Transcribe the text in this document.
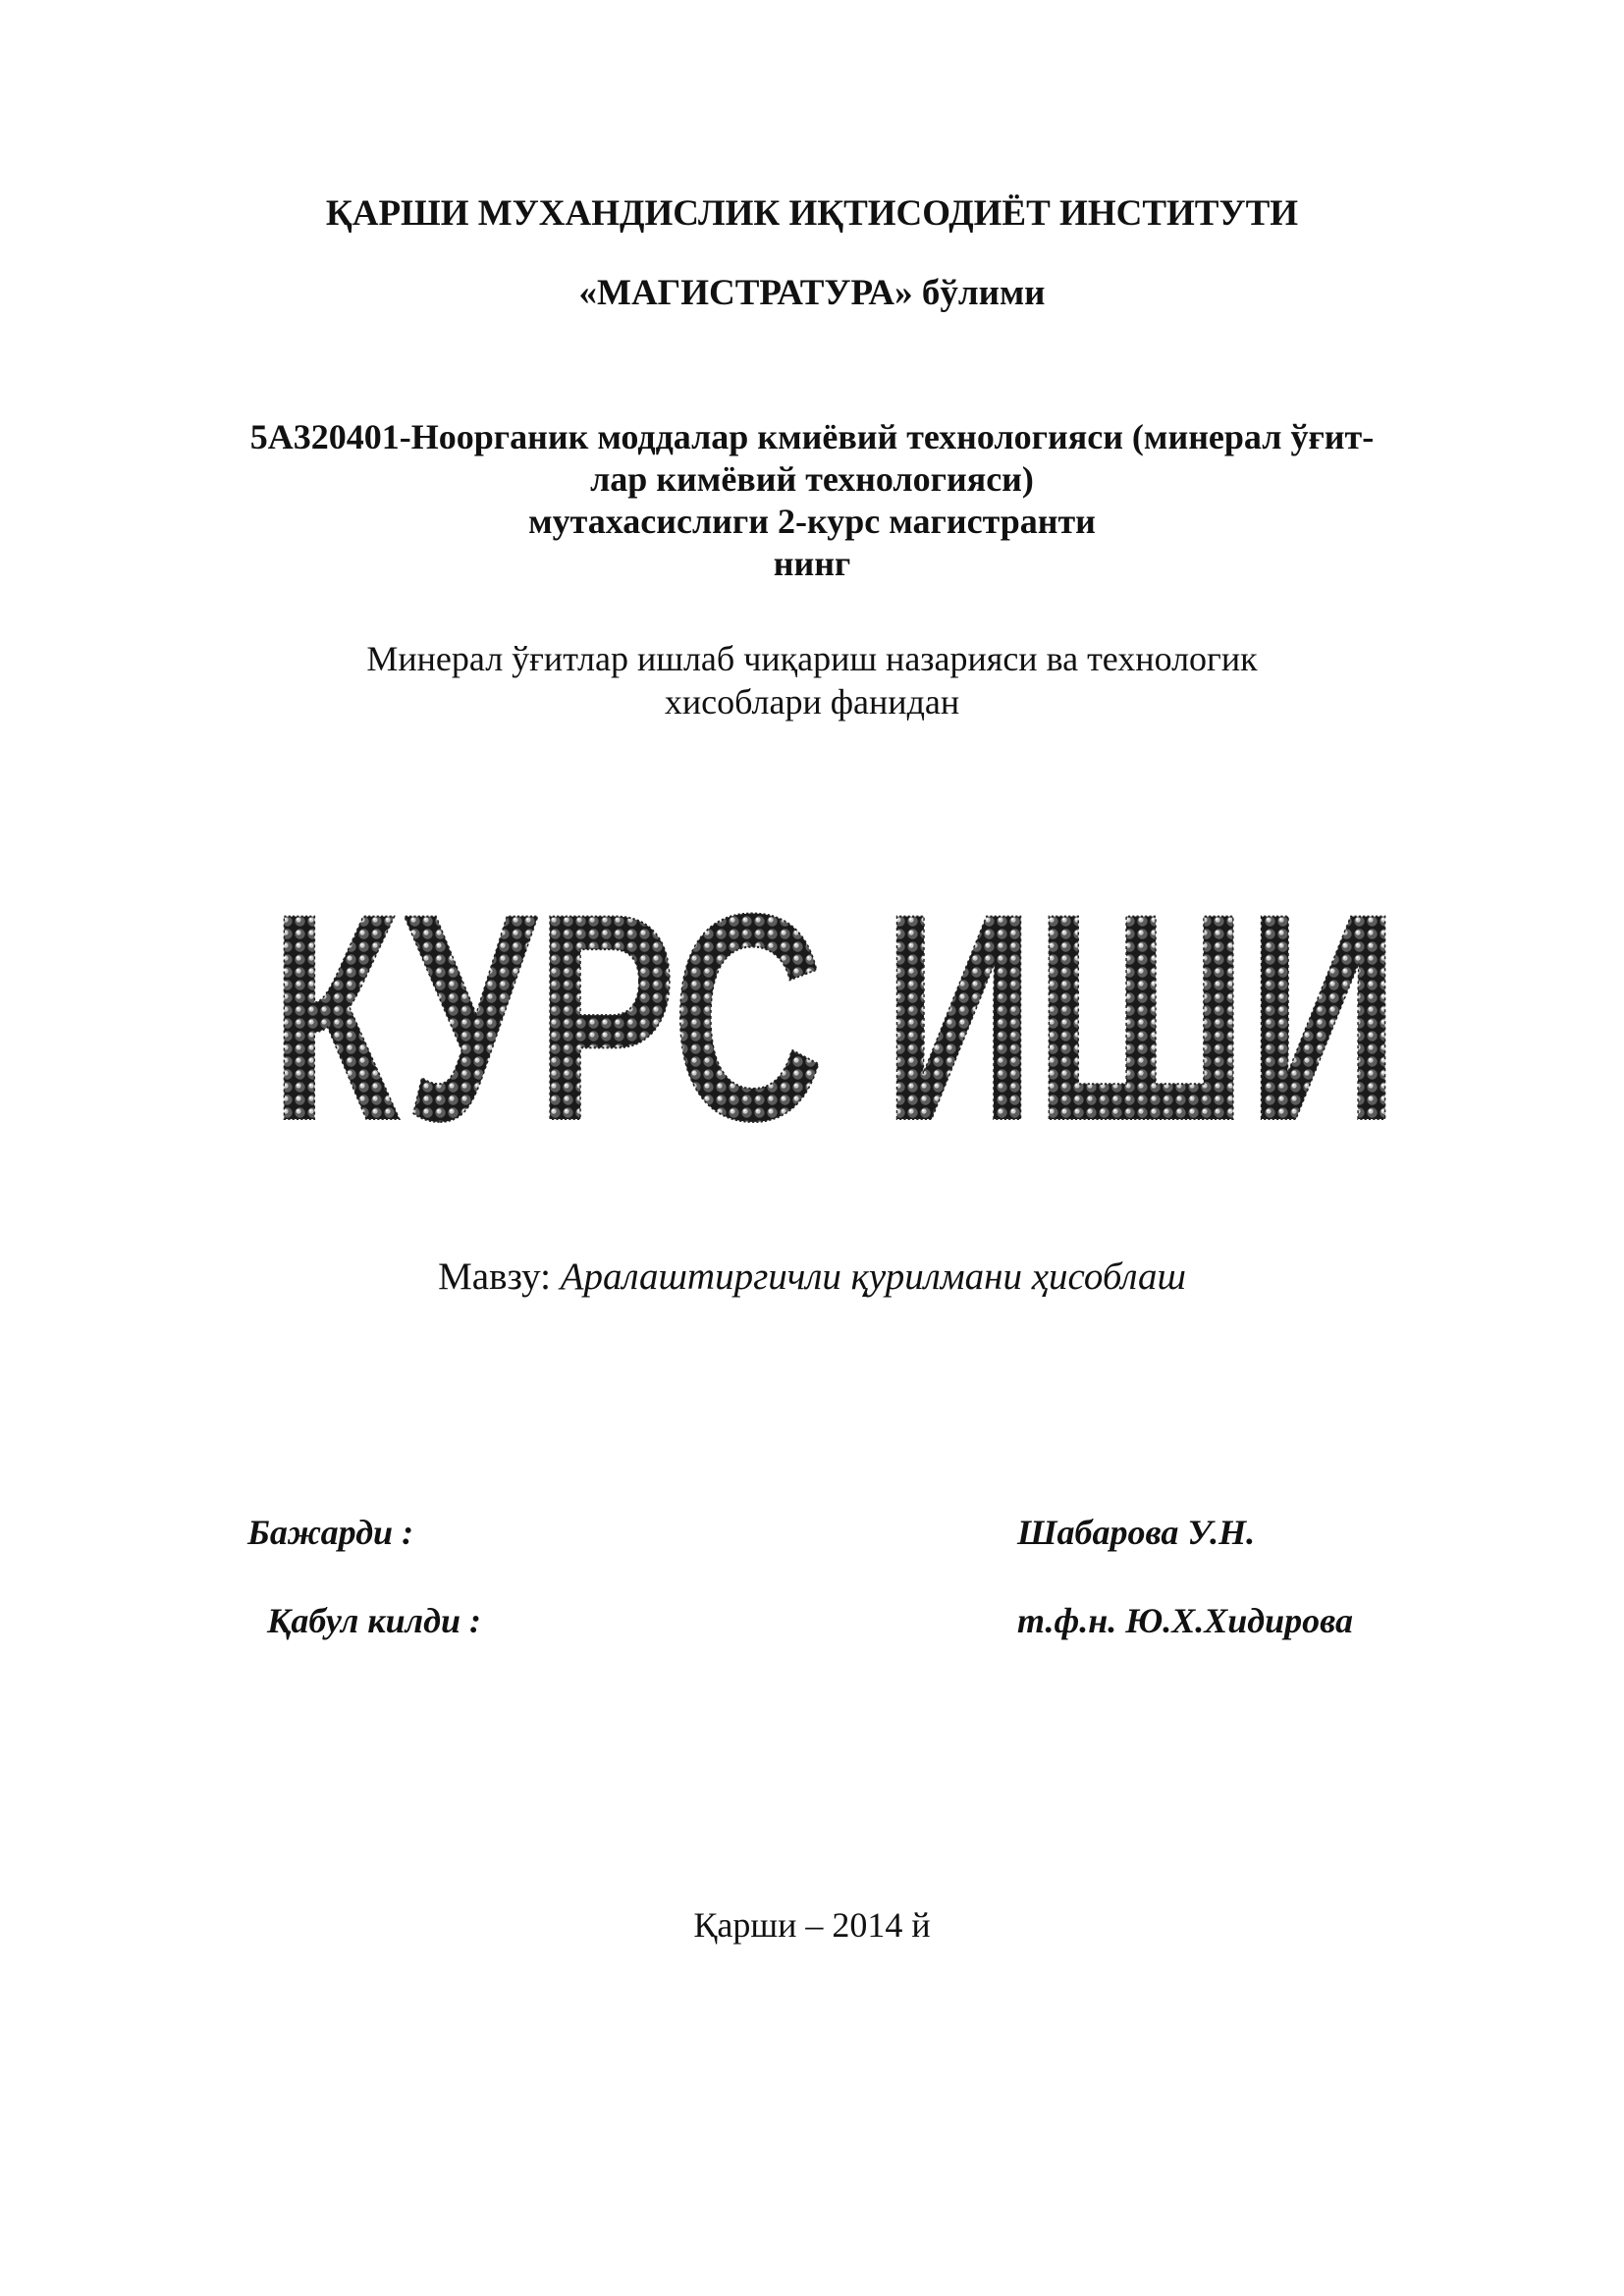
ҚАРШИ МУХАНДИСЛИК ИҚТИСОДИЁТ ИНСТИТУТИ
«МАГИСТРАТУРА» бўлими
5А320401-Ноорганик моддалар кмиёвий технологияси (минерал ўғит-
лар кимёвий технологияси)
мутахасислиги 2-курс магистранти
нинг
Минерал ўғитлар ишлаб чиқариш назарияси ва технологик
хисоблари фанидан
КУРС ИШИ
Мавзу: Аралаштиргичли қурилмани ҳисоблаш
Бажарди :	Шабарова У.Н.
Қабул килди :	т.ф.н. Ю.Х.Хидирова
Қарши – 2014 й
